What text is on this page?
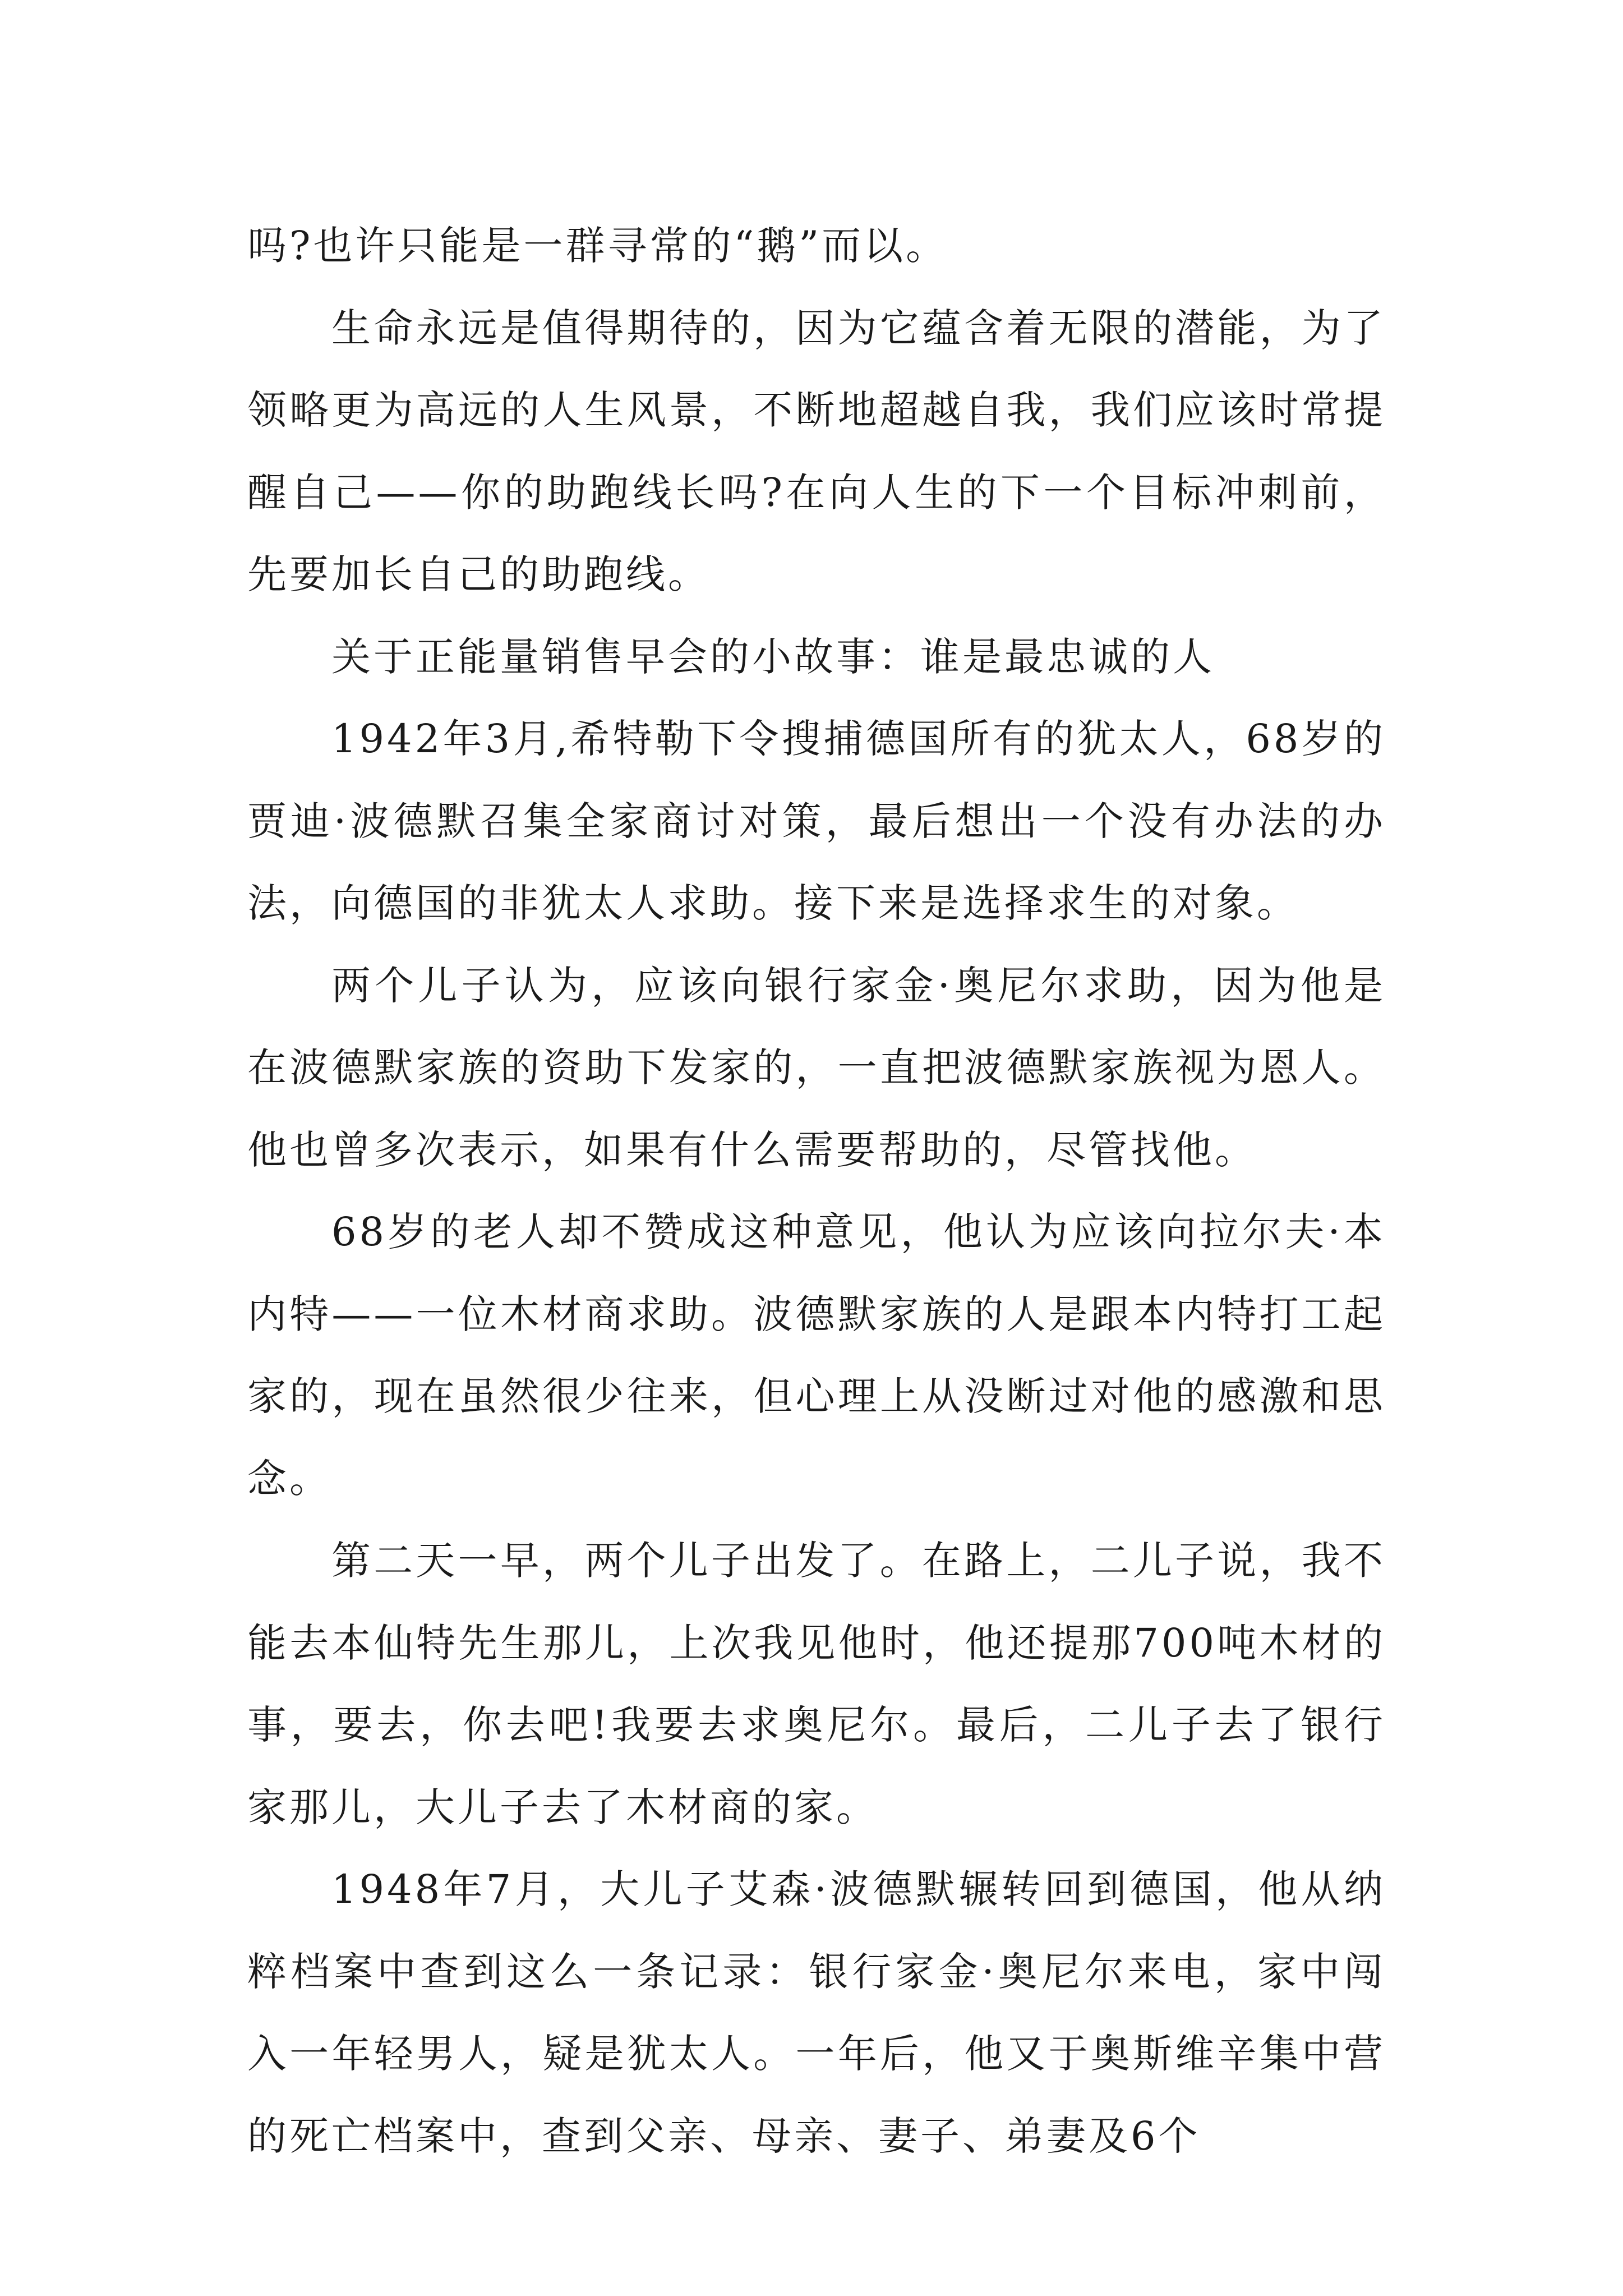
吗?也许只能是一群寻常的“鹅”而以。

生命永远是值得期待的，因为它蕴含着无限的潜能，为了领略更为高远的人生风景，不断地超越自我，我们应该时常提醒自己——你的助跑线长吗?在向人生的下一个目标冲刺前，先要加长自己的助跑线。

关于正能量销售早会的小故事：谁是最忠诚的人

1942年3月,希特勒下令搜捕德国所有的犹太人，68岁的贾迪·波德默召集全家商讨对策，最后想出一个没有办法的办法，向德国的非犹太人求助。接下来是选择求生的对象。

两个儿子认为，应该向银行家金·奥尼尔求助，因为他是在波德默家族的资助下发家的，一直把波德默家族视为恩人。他也曾多次表示，如果有什么需要帮助的，尽管找他。

68岁的老人却不赞成这种意见，他认为应该向拉尔夫·本内特——一位木材商求助。波德默家族的人是跟本内特打工起家的，现在虽然很少往来，但心理上从没断过对他的感激和思念。

第二天一早，两个儿子出发了。在路上，二儿子说，我不能去本仙特先生那儿，上次我见他时，他还提那700吨木材的事，要去，你去吧!我要去求奥尼尔。最后，二儿子去了银行家那儿，大儿子去了木材商的家。

1948年7月，大儿子艾森·波德默辗转回到德国，他从纳粹档案中查到这么一条记录：银行家金·奥尼尔来电，家中闯入一年轻男人，疑是犹太人。一年后，他又于奥斯维辛集中营的死亡档案中，查到父亲、母亲、妻子、弟妻及6个
